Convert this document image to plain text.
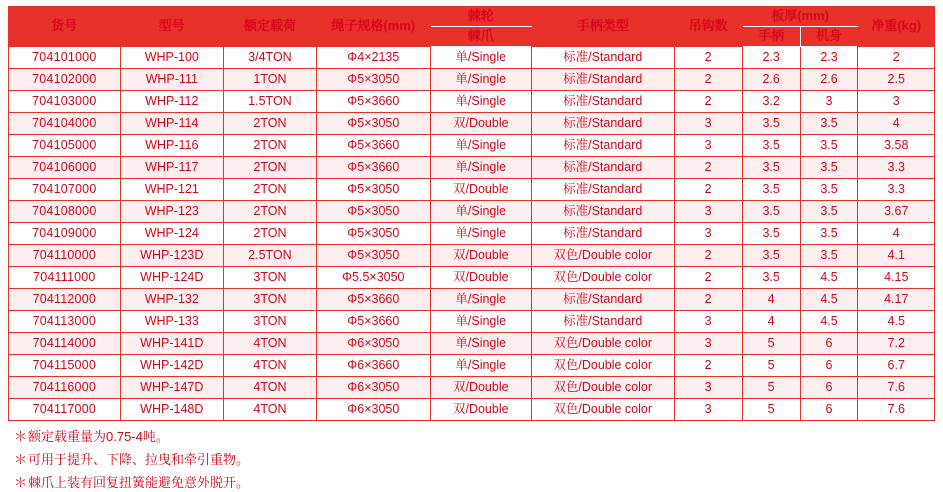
货号	型号	额定载荷	绳子规格(mm)	棘轮	手柄类型	吊钩数	板厚(mm)		净重(kg)
				棘爪			手柄	机身	
704101000	WHP-100	3/4TON	Φ4×2135	单/Single	标准/Standard	2	2.3	2.3	2
704102000	WHP-111	1TON	Φ5×3050	单/Single	标准/Standard	2	2.6	2.6	2.5
704103000	WHP-112	1.5TON	Φ5×3660	单/Single	标准/Standard	2	3.2	3	3
704104000	WHP-114	2TON	Φ5×3050	双/Double	标准/Standard	3	3.5	3.5	4
704105000	WHP-116	2TON	Φ5×3660	单/Single	标准/Standard	3	3.5	3.5	3.58
704106000	WHP-117	2TON	Φ5×3660	单/Single	标准/Standard	2	3.5	3.5	3.3
704107000	WHP-121	2TON	Φ5×3050	双/Double	标准/Standard	2	3.5	3.5	3.3
704108000	WHP-123	2TON	Φ5×3050	单/Single	标准/Standard	3	3.5	3.5	3.67
704109000	WHP-124	2TON	Φ5×3050	单/Single	标准/Standard	3	3.5	3.5	4
704110000	WHP-123D	2.5TON	Φ5×3050	双/Double	双色/Double color	2	3.5	3.5	4.1
704111000	WHP-124D	3TON	Φ5.5×3050	双/Double	双色/Double color	2	3.5	4.5	4.15
704112000	WHP-132	3TON	Φ5×3660	单/Single	标准/Standard	2	4	4.5	4.17
704113000	WHP-133	3TON	Φ5×3660	单/Single	标准/Standard	3	4	4.5	4.5
704114000	WHP-141D	4TON	Φ6×3050	单/Single	双色/Double color	3	5	6	7.2
704115000	WHP-142D	4TON	Φ6×3660	单/Single	双色/Double color	2	5	6	6.7
704116000	WHP-147D	4TON	Φ6×3050	双/Double	双色/Double color	3	5	6	7.6
704117000	WHP-148D	4TON	Φ6×3050	双/Double	双色/Double color	3	5	6	7.6
＊额定载重量为0.75-4吨。
＊可用于提升、下降、拉曳和牵引重物。
＊棘爪上装有回复扭簧能避免意外脱开。
